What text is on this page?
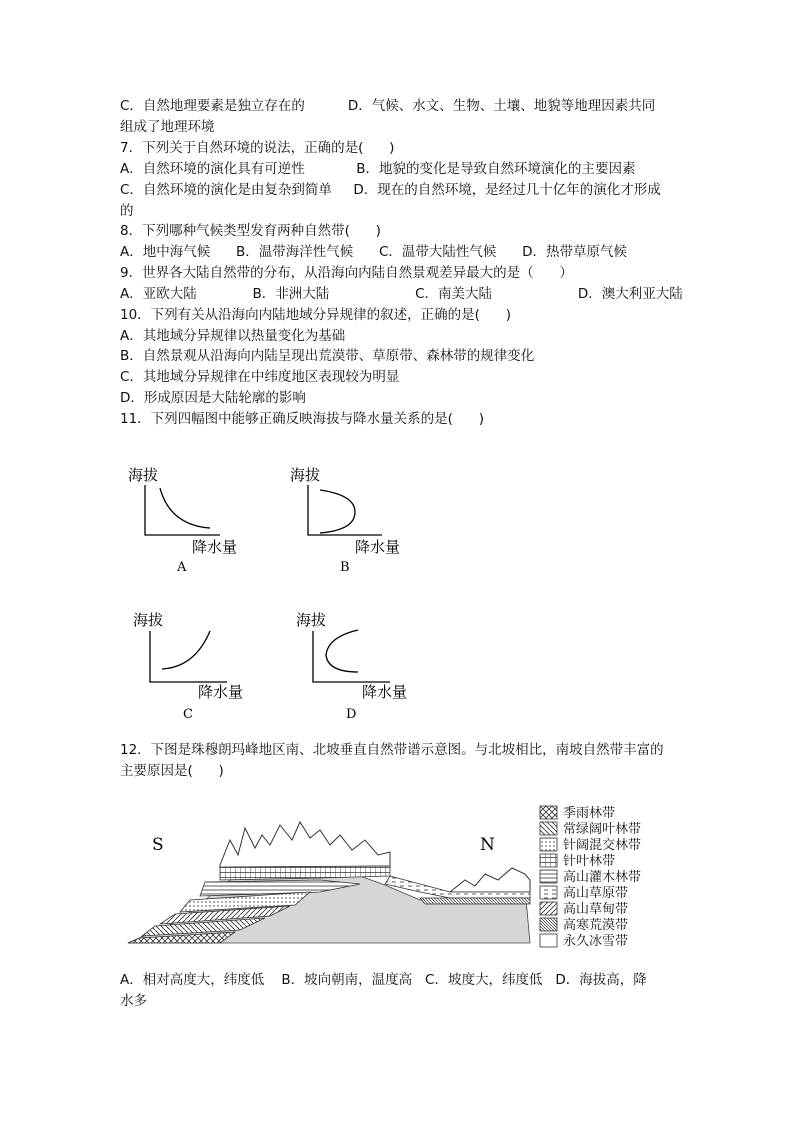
C．自然地理要素是独立存在的          D．气候、水文、生物、土壤、地貌等地理因素共同
组成了地理环境
7．下列关于自然环境的说法，正确的是(      )
A．自然环境的演化具有可逆性            B．地貌的变化是导致自然环境演化的主要因素
C．自然环境的演化是由复杂到简单     D．现在的自然环境，是经过几十亿年的演化才形成
的
8．下列哪种气候类型发育两种自然带(      )
A．地中海气候      B．温带海洋性气候      C．温带大陆性气候      D．热带草原气候
9．世界各大陆自然带的分布，从沿海向内陆自然景观差异最大的是（      ）
A．亚欧大陆             B．非洲大陆                    C．南美大陆                    D．澳大利亚大陆
10．下列有关从沿海向内陆地域分异规律的叙述，正确的是(      )
A．其地域分异规律以热量变化为基础
B．自然景观从沿海向内陆呈现出荒漠带、草原带、森林带的规律变化
C．其地域分异规律在中纬度地区表现较为明显
D．形成原因是大陆轮廓的影响
11．下列四幅图中能够正确反映海拔与降水量关系的是(      )
海拔
降水量
A
海拔
降水量
B
海拔
降水量
C
海拔
降水量
D
12．下图是珠穆朗玛峰地区南、北坡垂直自然带谱示意图。与北坡相比，南坡自然带丰富的
主要原因是(      )
S	N
季雨林带
常绿阔叶林带
针阔混交林带
针叶林带
高山灌木林带
高山草原带
高山草甸带
高寒荒漠带
永久冰雪带
A．相对高度大，纬度低    B．坡向朝南，温度高   C．坡度大，纬度低   D．海拔高，降
水多
